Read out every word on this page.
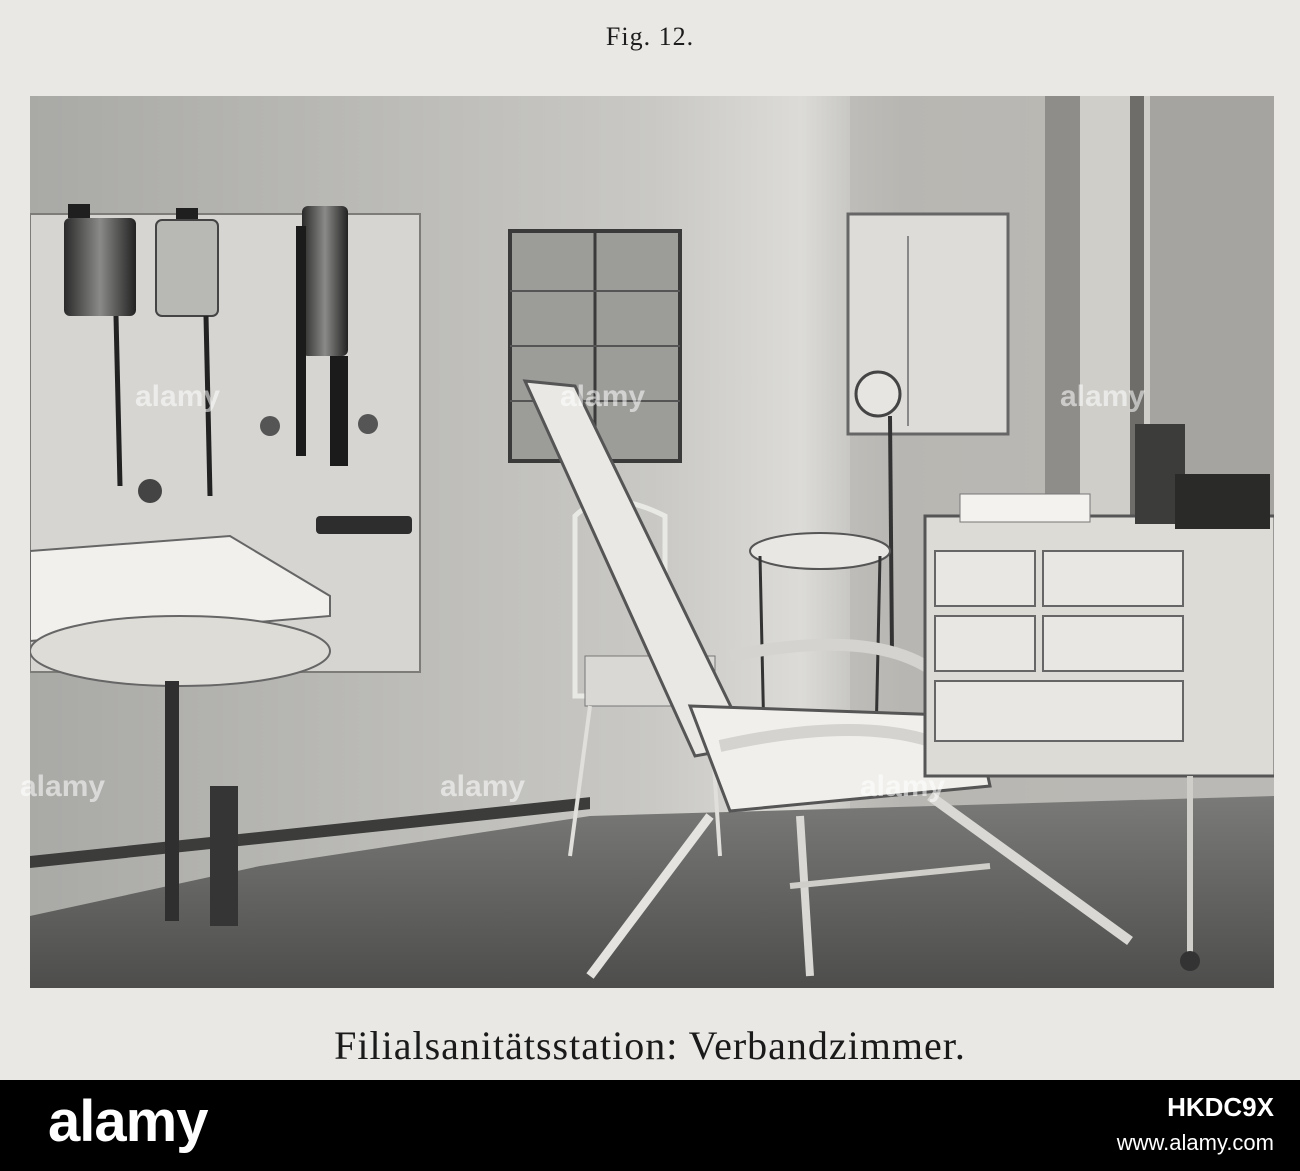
Fig. 12.
alamy	alamy	alamy
alamy	alamy	alamy
Filialsanitätsstation: Verbandzimmer.
alamy	HKDC9X
www.alamy.com
